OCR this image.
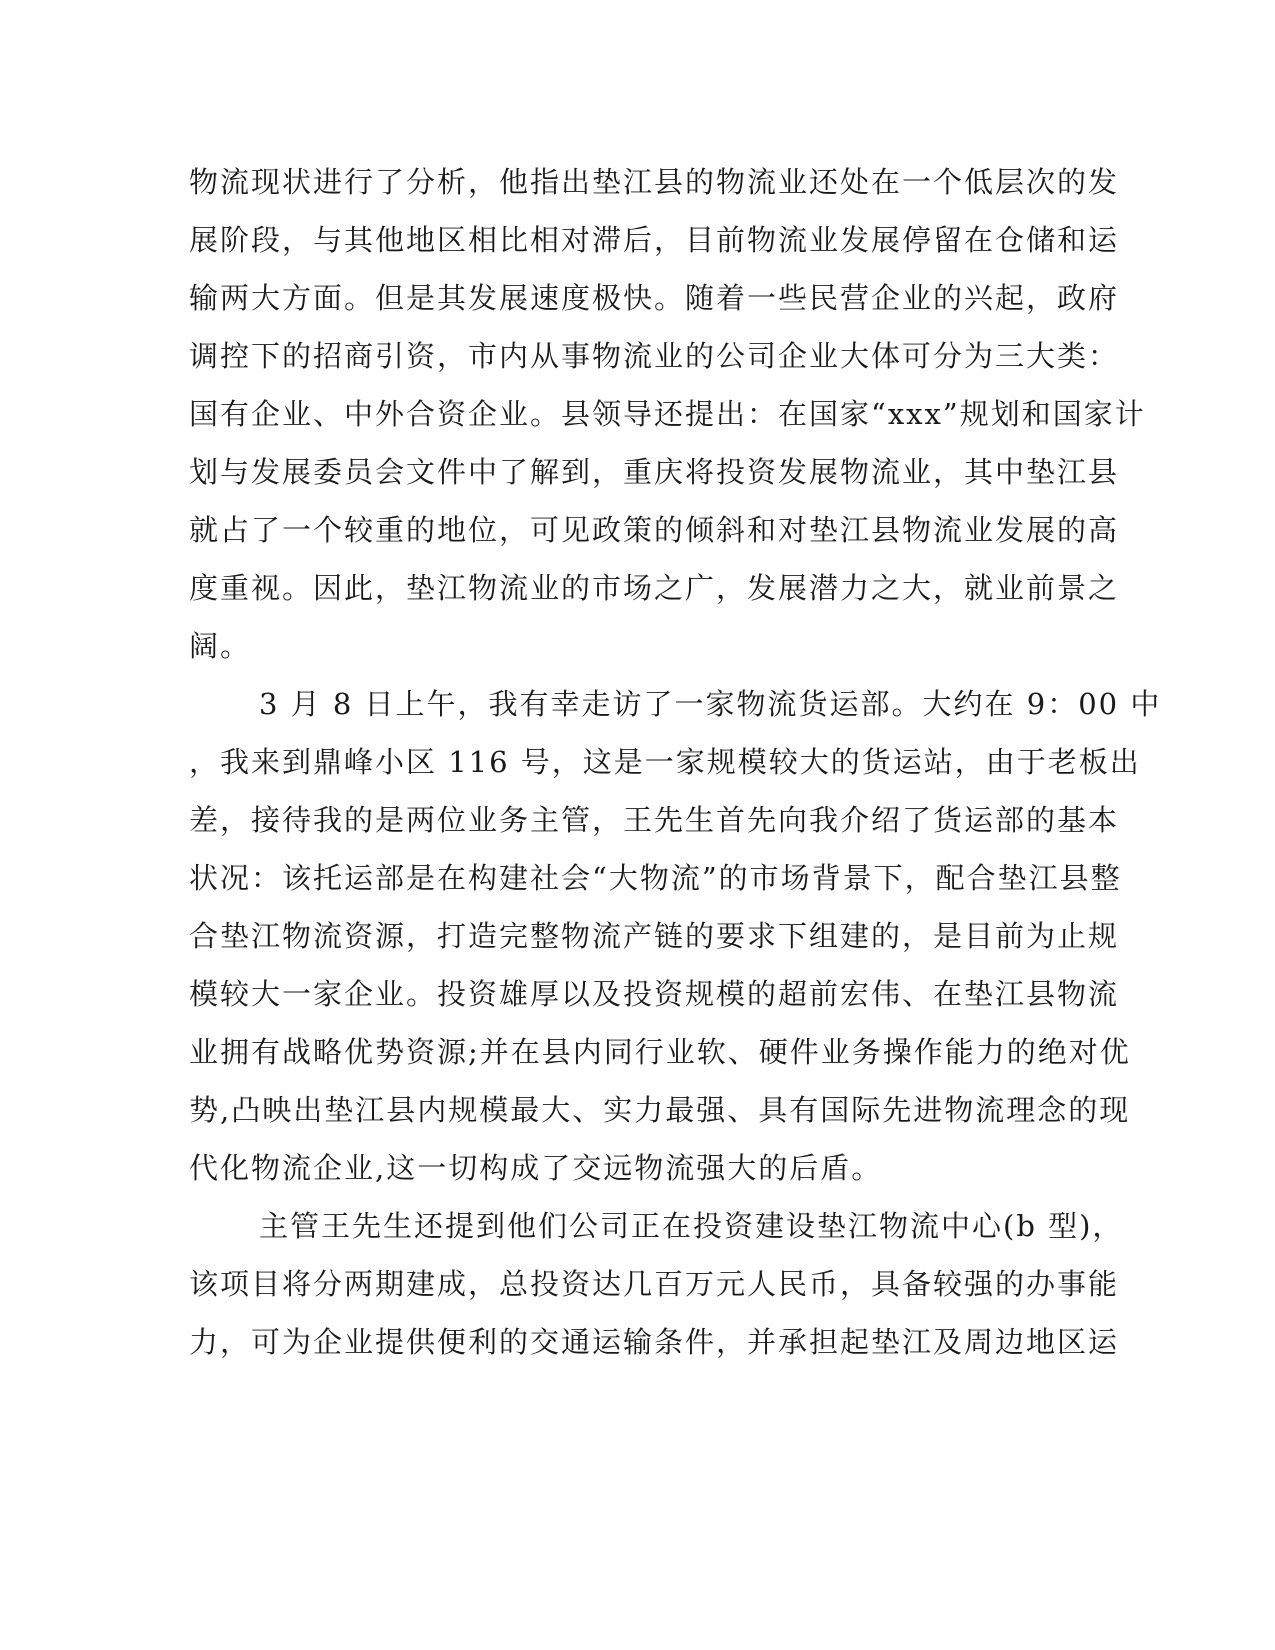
物流现状进行了分析，他指出垫江县的物流业还处在一个低层次的发
展阶段，与其他地区相比相对滞后，目前物流业发展停留在仓储和运
输两大方面。但是其发展速度极快。随着一些民营企业的兴起，政府
调控下的招商引资，市内从事物流业的公司企业大体可分为三大类：
国有企业、中外合资企业。县领导还提出：在国家“xxx”规划和国家计
划与发展委员会文件中了解到，重庆将投资发展物流业，其中垫江县
就占了一个较重的地位，可见政策的倾斜和对垫江县物流业发展的高
度重视。因此，垫江物流业的市场之广，发展潜力之大，就业前景之
阔。
3 月 8 日上午，我有幸走访了一家物流货运部。大约在 9：00 中
，我来到鼎峰小区 116 号，这是一家规模较大的货运站，由于老板出
差，接待我的是两位业务主管，王先生首先向我介绍了货运部的基本
状况：该托运部是在构建社会“大物流”的市场背景下，配合垫江县整
合垫江物流资源，打造完整物流产链的要求下组建的，是目前为止规
模较大一家企业。投资雄厚以及投资规模的超前宏伟、在垫江县物流
业拥有战略优势资源;并在县内同行业软、硬件业务操作能力的绝对优
势,凸映出垫江县内规模最大、实力最强、具有国际先进物流理念的现
代化物流企业,这一切构成了交远物流强大的后盾。
主管王先生还提到他们公司正在投资建设垫江物流中心(b 型)，
该项目将分两期建成，总投资达几百万元人民币，具备较强的办事能
力，可为企业提供便利的交通运输条件，并承担起垫江及周边地区运
